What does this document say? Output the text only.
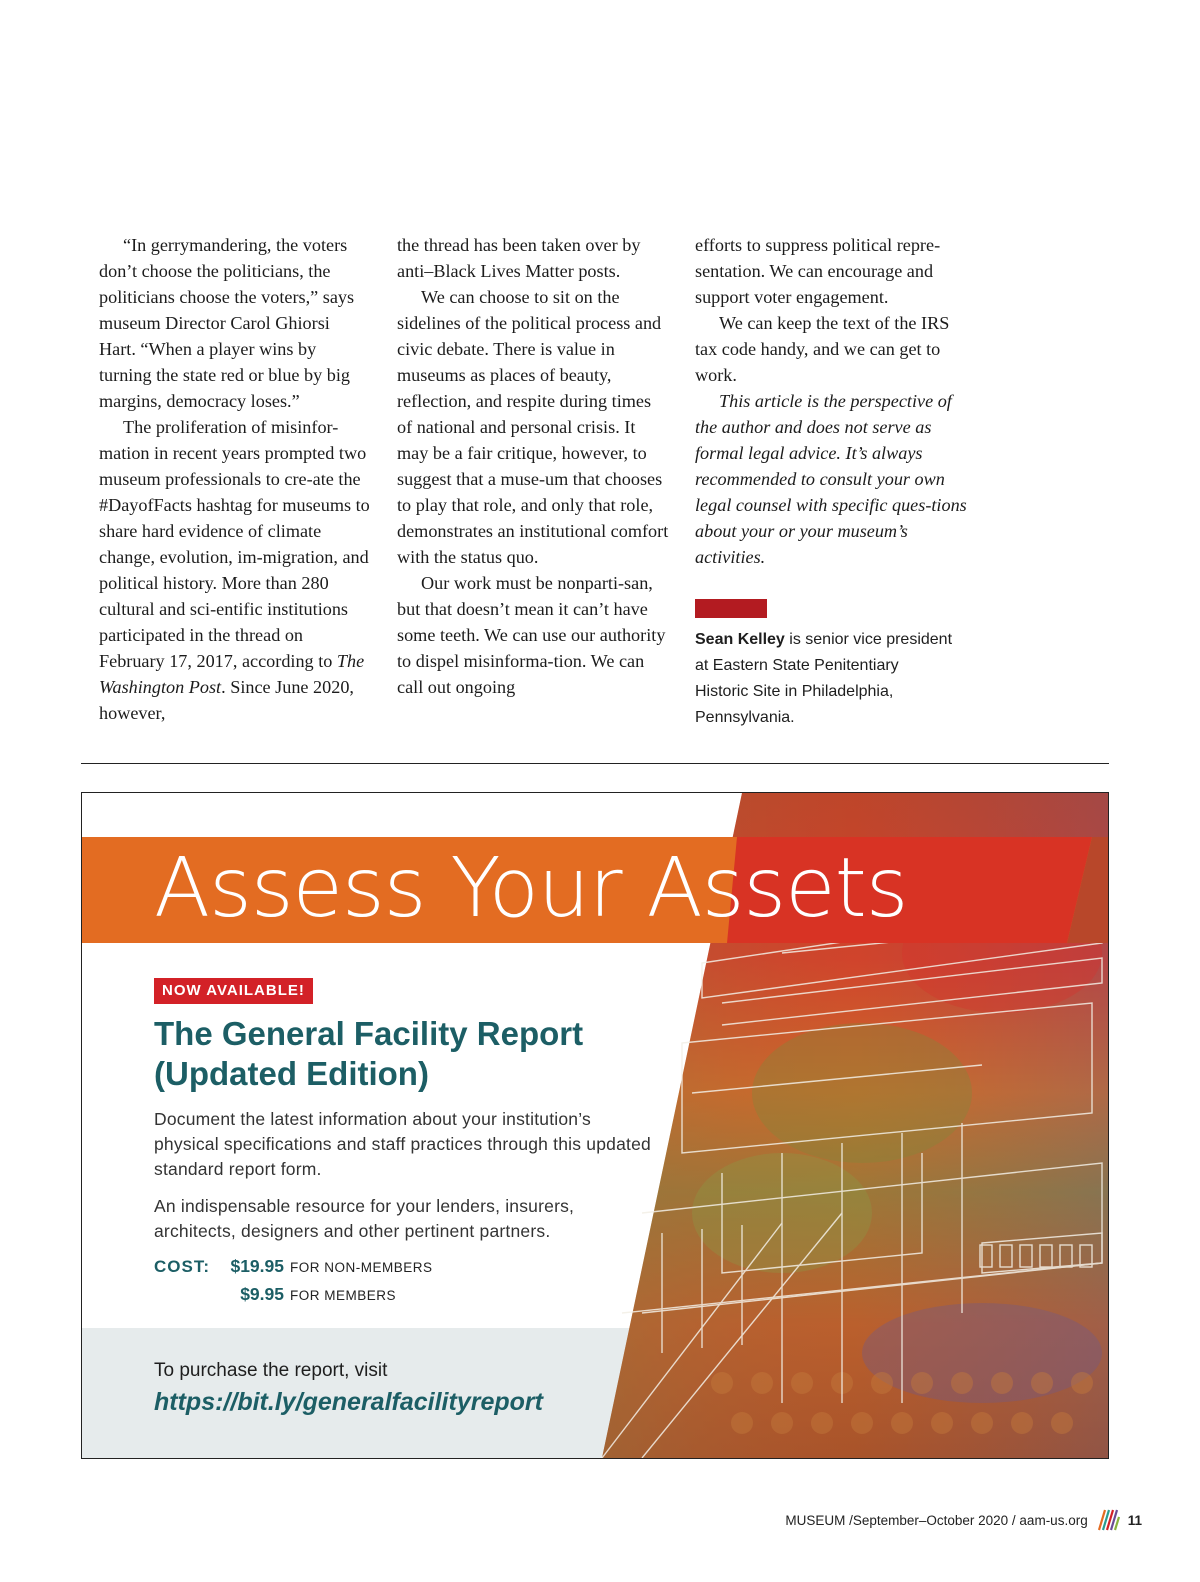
“In gerrymandering, the voters don’t choose the politicians, the politicians choose the voters,” says museum Director Carol Ghiorsi Hart. “When a player wins by turning the state red or blue by big margins, democracy loses.”

The proliferation of misinfor-mation in recent years prompted two museum professionals to cre-ate the #DayofFacts hashtag for museums to share hard evidence of climate change, evolution, im-migration, and political history. More than 280 cultural and sci-entific institutions participated in the thread on February 17, 2017, according to The Washington Post. Since June 2020, however,

the thread has been taken over by anti–Black Lives Matter posts.

We can choose to sit on the sidelines of the political process and civic debate. There is value in museums as places of beauty, reflection, and respite during times of national and personal crisis. It may be a fair critique, however, to suggest that a muse-um that chooses to play that role, and only that role, demonstrates an institutional comfort with the status quo.

Our work must be nonparti-san, but that doesn’t mean it can’t have some teeth. We can use our authority to dispel misinforma-tion. We can call out ongoing

efforts to suppress political repre-sentation. We can encourage and support voter engagement.

We can keep the text of the IRS tax code handy, and we can get to work.

This article is the perspective of the author and does not serve as formal legal advice. It’s always recommended to consult your own legal counsel with specific ques-tions about your or your museum’s activities.

Sean Kelley is senior vice president at Eastern State Penitentiary Historic Site in Philadelphia, Pennsylvania.
Assess Your Assets
NOW AVAILABLE!
The General Facility Report (Updated Edition)
Document the latest information about your institution’s physical specifications and staff practices through this updated standard report form.
An indispensable resource for your lenders, insurers, architects, designers and other pertinent partners.
COST: $19.95 FOR NON-MEMBERS
$9.95 FOR MEMBERS
To purchase the report, visit
https://bit.ly/generalfacilityreport
MUSEUM /September–October 2020 / aam-us.org	11
